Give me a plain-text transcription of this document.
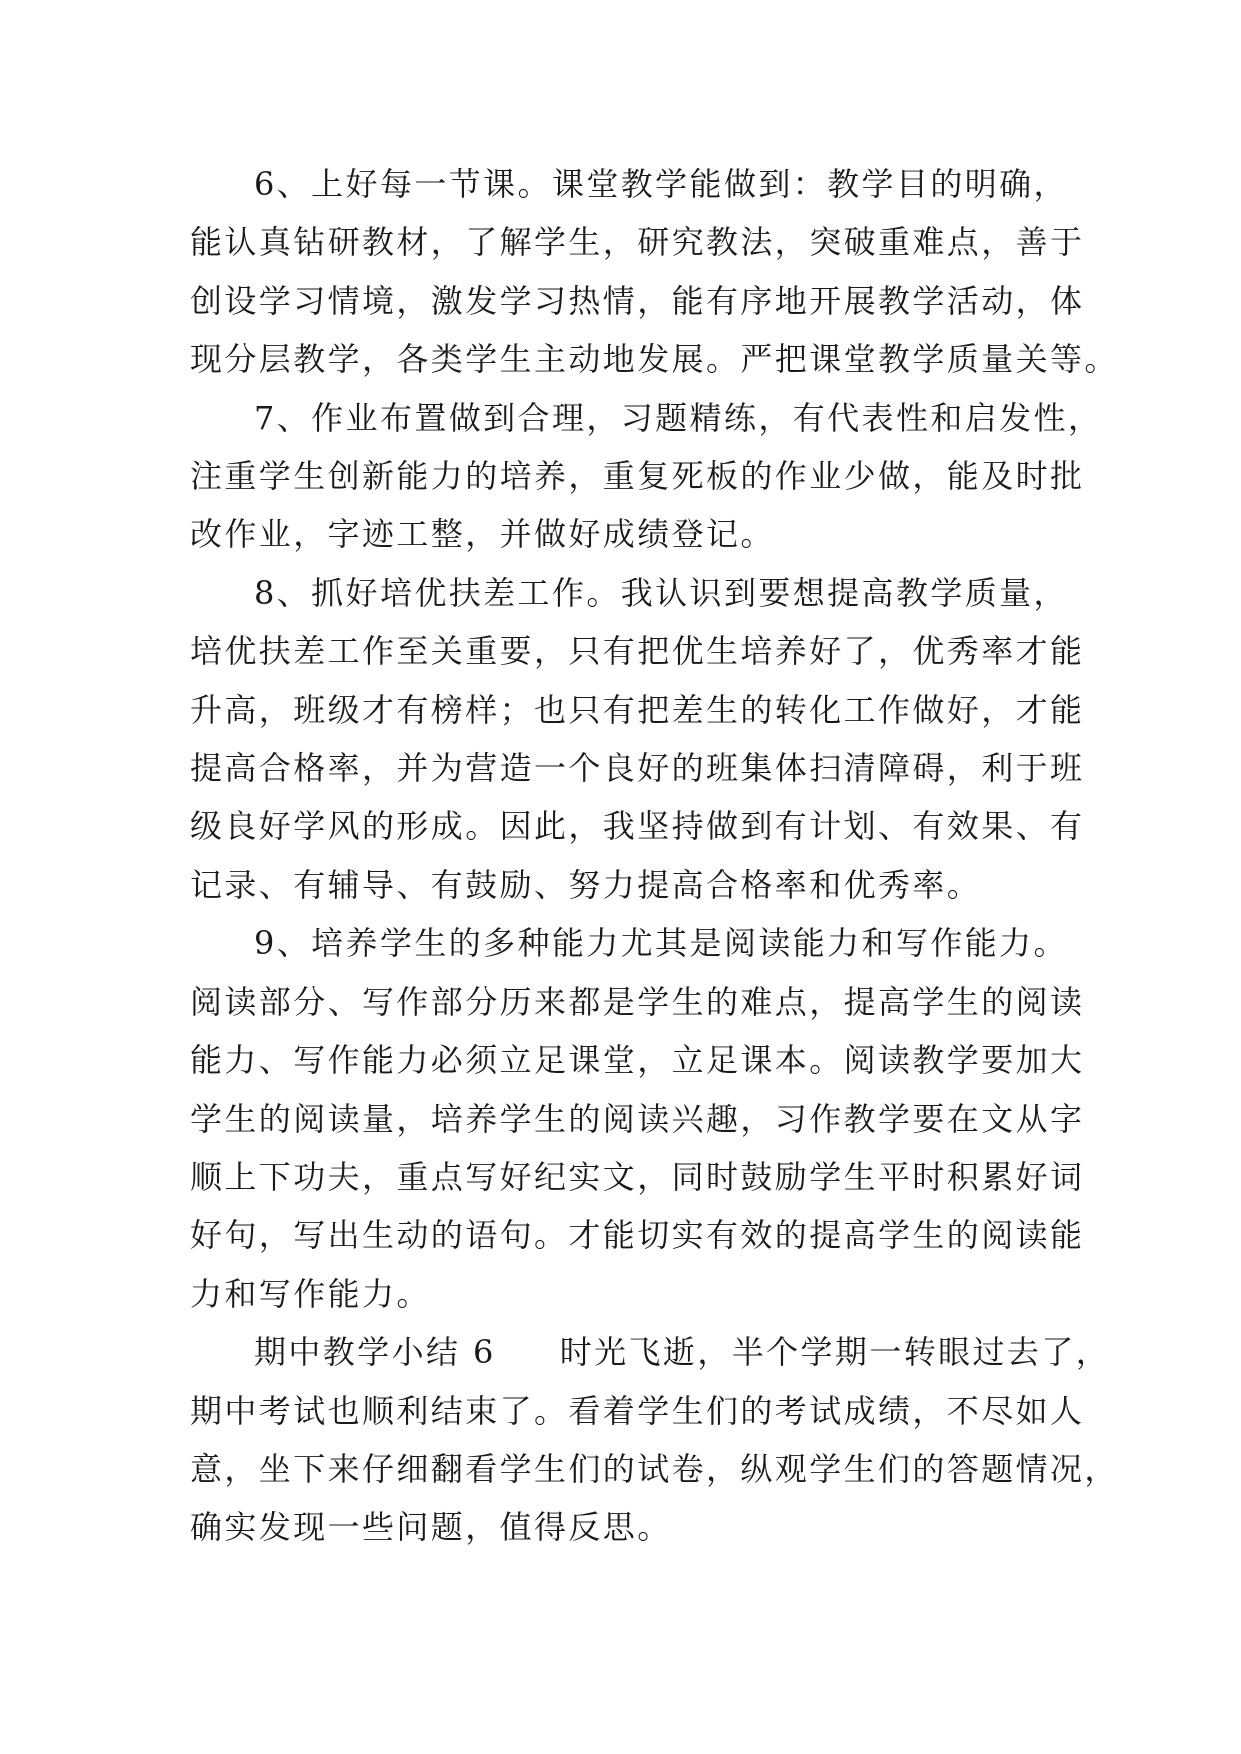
6、上好每一节课。课堂教学能做到：教学目的明确，
能认真钻研教材，了解学生，研究教法，突破重难点，善于
创设学习情境，激发学习热情，能有序地开展教学活动，体
现分层教学，各类学生主动地发展。严把课堂教学质量关等。

7、作业布置做到合理，习题精练，有代表性和启发性，
注重学生创新能力的培养，重复死板的作业少做，能及时批
改作业，字迹工整，并做好成绩登记。

8、抓好培优扶差工作。我认识到要想提高教学质量，
培优扶差工作至关重要，只有把优生培养好了，优秀率才能
升高，班级才有榜样；也只有把差生的转化工作做好，才能
提高合格率，并为营造一个良好的班集体扫清障碍，利于班
级良好学风的形成。因此，我坚持做到有计划、有效果、有
记录、有辅导、有鼓励、努力提高合格率和优秀率。

9、培养学生的多种能力尤其是阅读能力和写作能力。
阅读部分、写作部分历来都是学生的难点，提高学生的阅读
能力、写作能力必须立足课堂，立足课本。阅读教学要加大
学生的阅读量，培养学生的阅读兴趣，习作教学要在文从字
顺上下功夫，重点写好纪实文，同时鼓励学生平时积累好词
好句，写出生动的语句。才能切实有效的提高学生的阅读能
力和写作能力。

期中教学小结 6 时光飞逝，半个学期一转眼过去了，
期中考试也顺利结束了。看着学生们的考试成绩，不尽如人
意，坐下来仔细翻看学生们的试卷，纵观学生们的答题情况，
确实发现一些问题，值得反思。
